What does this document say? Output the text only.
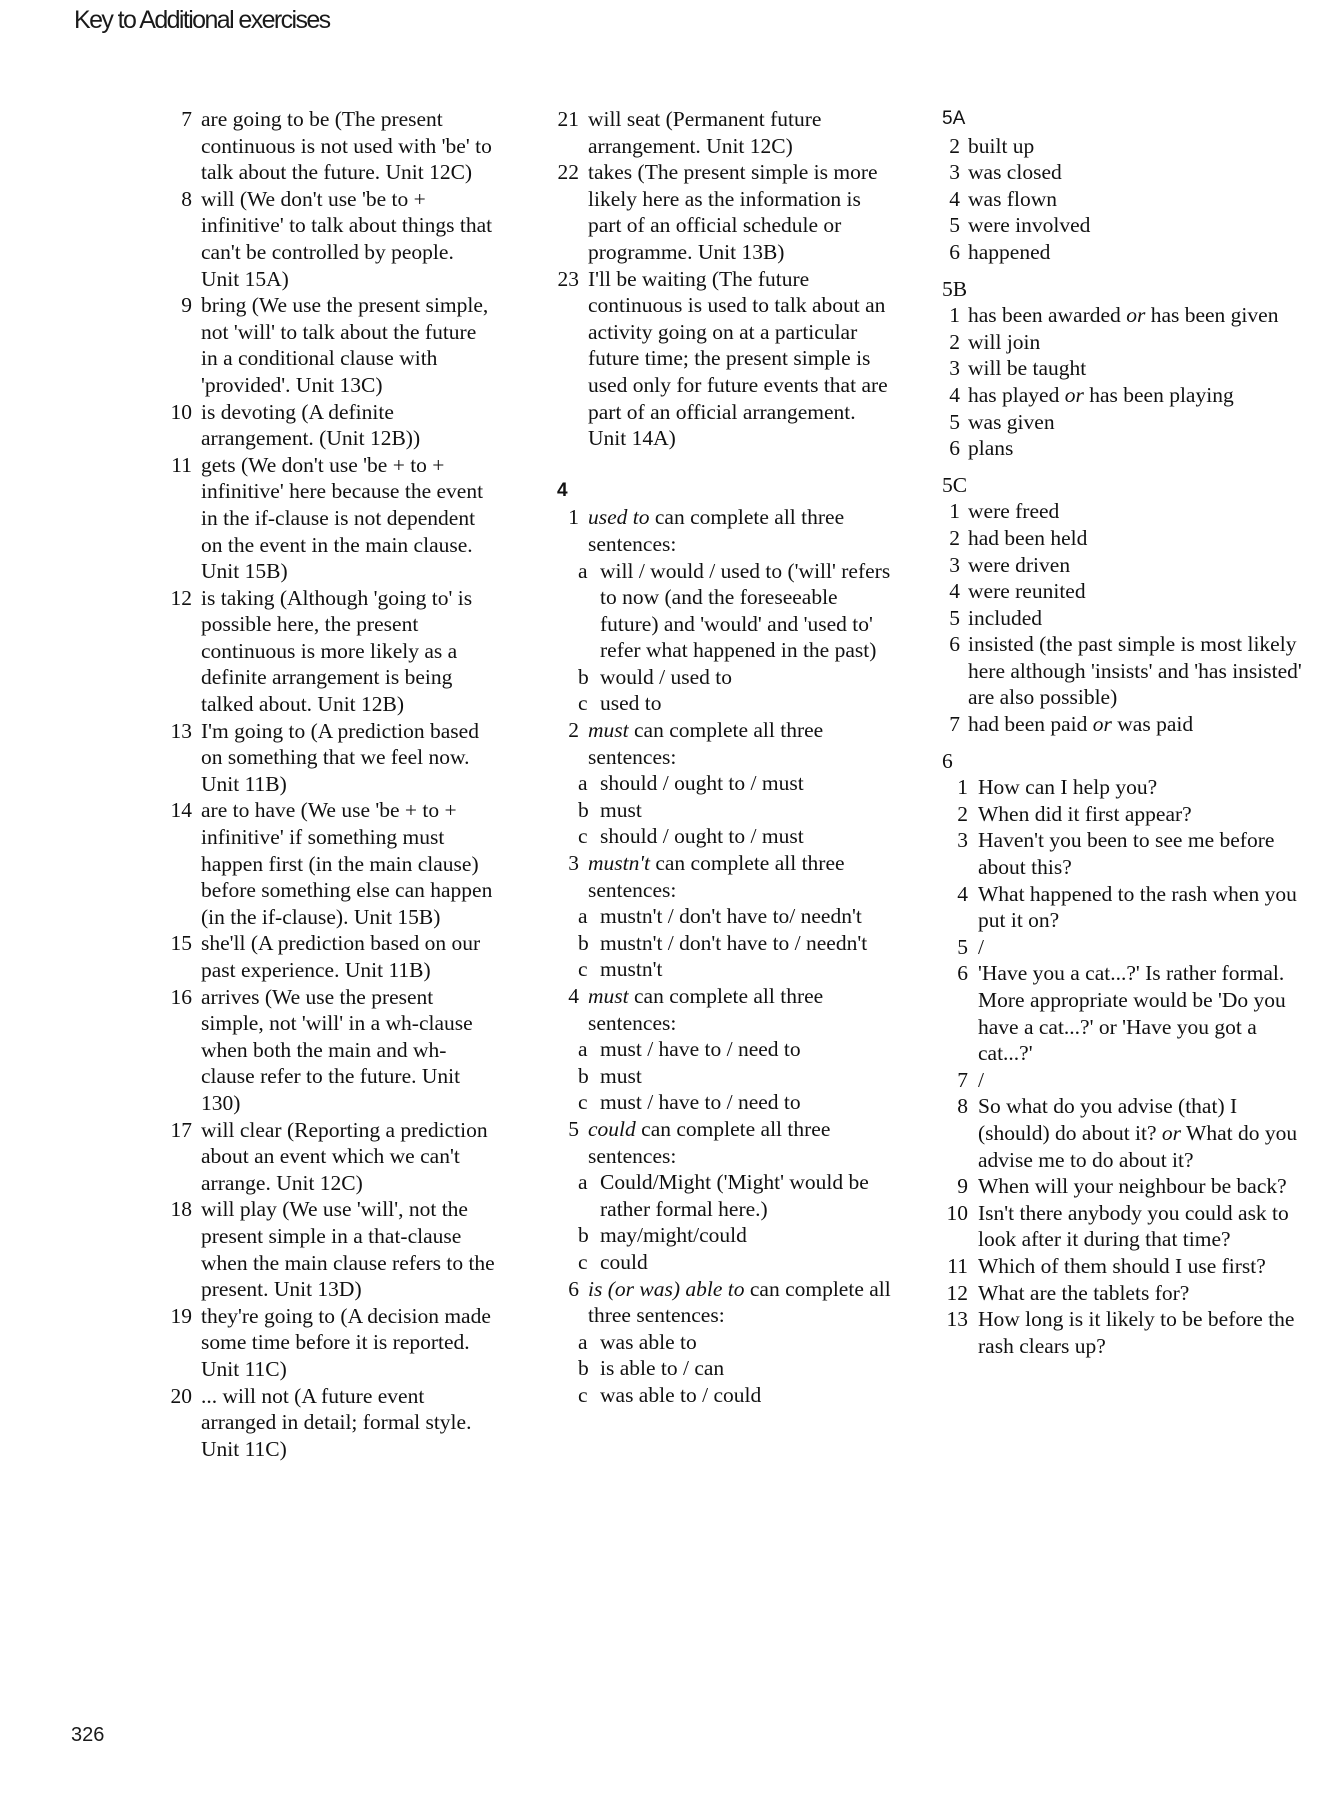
Key to Additional exercises
7 are going to be (The present continuous is not used with 'be' to talk about the future. Unit 12C)
8 will (We don't use 'be to + infinitive' to talk about things that can't be controlled by people. Unit 15A)
9 bring (We use the present simple, not 'will' to talk about the future in a conditional clause with 'provided'. Unit 13C)
10 is devoting (A definite arrangement. (Unit 12B))
11 gets (We don't use 'be + to + infinitive' here because the event in the if-clause is not dependent on the event in the main clause. Unit 15B)
12 is taking (Although 'going to' is possible here, the present continuous is more likely as a definite arrangement is being talked about. Unit 12B)
13 I'm going to (A prediction based on something that we feel now. Unit 11B)
14 are to have (We use 'be + to + infinitive' if something must happen first (in the main clause) before something else can happen (in the if-clause). Unit 15B)
15 she'll (A prediction based on our past experience. Unit 11B)
16 arrives (We use the present simple, not 'will' in a wh-clause when both the main and wh-clause refer to the future. Unit 130)
17 will clear (Reporting a prediction about an event which we can't arrange. Unit 12C)
18 will play (We use 'will', not the present simple in a that-clause when the main clause refers to the present. Unit 13D)
19 they're going to (A decision made some time before it is reported. Unit 11C)
20 ... will not (A future event arranged in detail; formal style. Unit 11C)
21 will seat (Permanent future arrangement. Unit 12C)
22 takes (The present simple is more likely here as the information is part of an official schedule or programme. Unit 13B)
23 I'll be waiting (The future continuous is used to talk about an activity going on at a particular future time; the present simple is used only for future events that are part of an official arrangement. Unit 14A)
4
1 used to can complete all three sentences:
a will / would / used to ('will' refers to now (and the foreseeable future) and 'would' and 'used to' refer what happened in the past)
b would / used to
c used to
2 must can complete all three sentences:
a should / ought to / must
b must
c should / ought to / must
3 mustn't can complete all three sentences:
a mustn't / don't have to/ needn't
b mustn't / don't have to / needn't
c mustn't
4 must can complete all three sentences:
a must / have to / need to
b must
c must / have to / need to
5 could can complete all three sentences:
a Could/Might ('Might' would be rather formal here.)
b may/might/could
c could
6 is (or was) able to can complete all three sentences:
a was able to
b is able to / can
c was able to / could
5A
2 built up
3 was closed
4 was flown
5 were involved
6 happened
5B
1 has been awarded or has been given
2 will join
3 will be taught
4 has played or has been playing
5 was given
6 plans
5C
1 were freed
2 had been held
3 were driven
4 were reunited
5 included
6 insisted (the past simple is most likely here although 'insists' and 'has insisted' are also possible)
7 had been paid or was paid
6
1 How can I help you?
2 When did it first appear?
3 Haven't you been to see me before about this?
4 What happened to the rash when you put it on?
5 /
6 'Have you a cat...?' Is rather formal. More appropriate would be 'Do you have a cat...?' or 'Have you got a cat...?'
7 /
8 So what do you advise (that) I (should) do about it? or What do you advise me to do about it?
9 When will your neighbour be back?
10 Isn't there anybody you could ask to look after it during that time?
11 Which of them should I use first?
12 What are the tablets for?
13 How long is it likely to be before the rash clears up?
326
